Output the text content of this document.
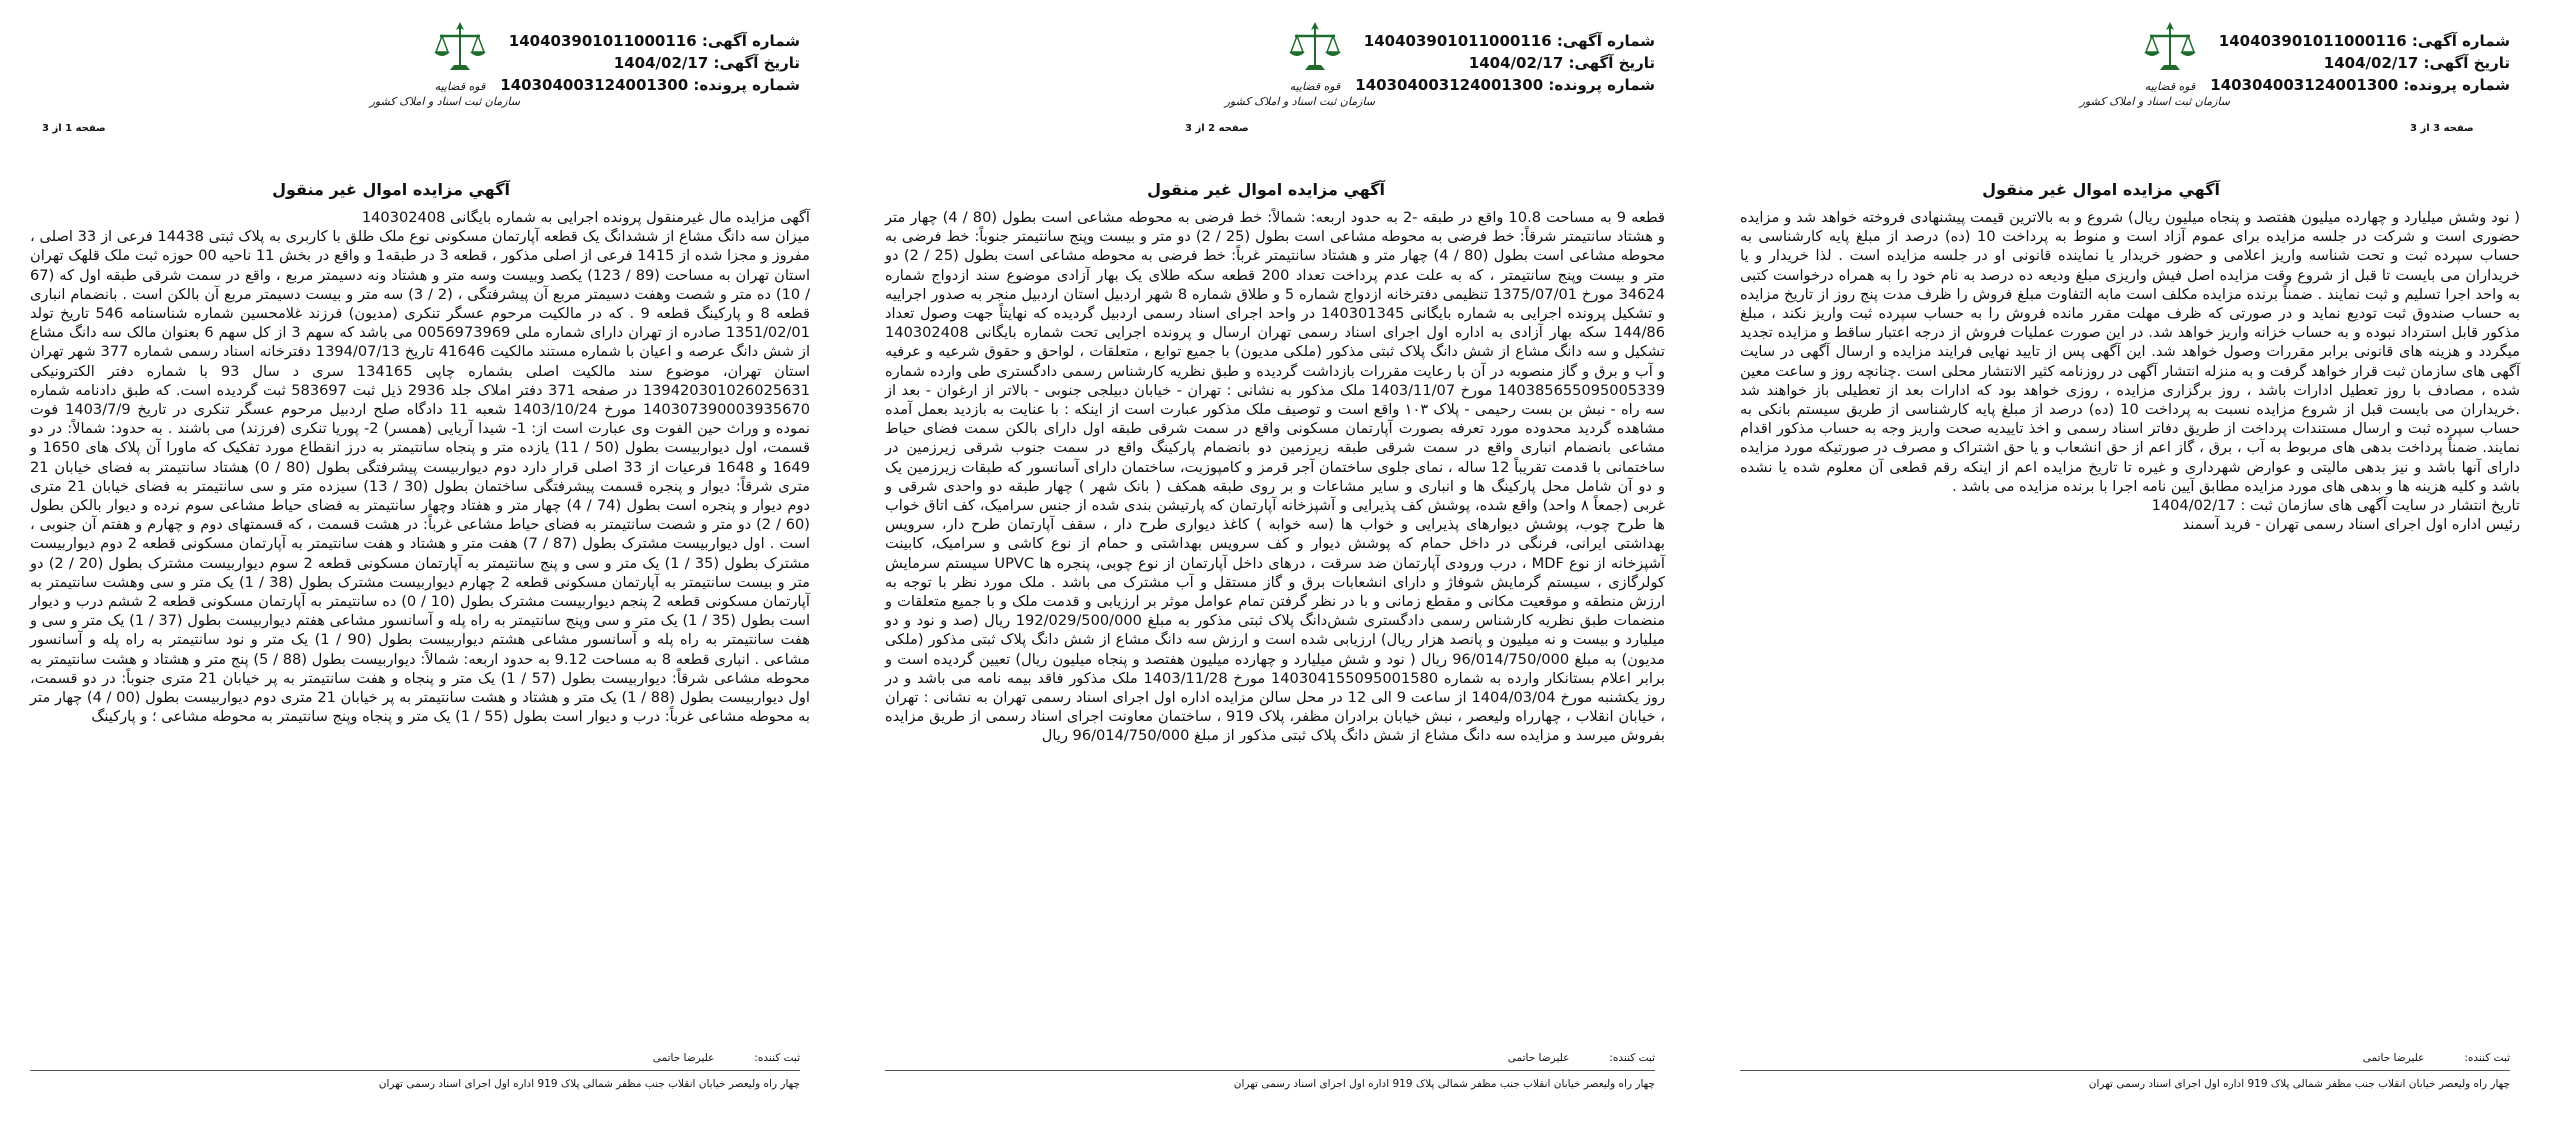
شماره آگهی: 140403901011000116
تاریخ آگهی: 1404/02/17
شماره پرونده: 140304003124001300
قوه قضاییه
سازمان ثبت اسناد و املاک کشور
صفحه 3 از 3
آگهي مزايده اموال غير منقول
( نود وشش ميليارد و چهارده ميليون هفتصد و پنجاه ميليون ريال) شروع و به بالاترين قيمت پيشنهادی فروخته خواهد شد و مزايده حضوری است و شرکت در جلسه مزايده برای عموم آزاد است و منوط به پرداخت 10 (ده) درصد از مبلغ پايه کارشناسی به حساب سپرده ثبت و تحت شناسه واريز اعلامی و حضور خريدار يا نماينده قانونی او در جلسه مزايده است . لذا خريدار و يا خريداران می بايست تا قبل از شروع وقت مزايده اصل فيش واريزی مبلغ وديعه ده درصد به نام خود را به همراه درخواست کتبی به واحد اجرا تسليم و ثبت نمايند . ضمناً برنده مزايده مکلف است مابه التفاوت مبلغ فروش را ظرف مدت پنج روز از تاريخ مزايده به حساب صندوق ثبت توديع نمايد و در صورتی که ظرف مهلت مقرر مانده فروش را به حساب سپرده ثبت واريز نکند ، مبلغ مذکور قابل استرداد نبوده و به حساب خزانه واريز خواهد شد. در اين صورت عمليات فروش از درجه اعتبار ساقط و مزايده تجديد ميگردد و هزينه های قانونی برابر مقررات وصول خواهد شد. اين آگهی پس از تاييد نهايی فرايند مزايده و ارسال آگهی در سايت آگهی های سازمان ثبت قرار خواهد گرفت و به منزله انتشار آگهی در روزنامه کثير الانتشار محلی است .چنانچه روز و ساعت معين شده ، مصادف با روز تعطيل ادارات باشد ، روز برگزاری مزايده ، روزی خواهد بود که ادارات بعد از تعطيلی باز خواهند شد .خريداران می بايست قبل از شروع مزايده نسبت به پرداخت 10 (ده) درصد از مبلغ پايه کارشناسی از طريق سيستم بانکی به حساب سپرده ثبت و ارسال مستندات پرداخت از طريق دفاتر اسناد رسمی و اخذ تاييديه صحت واريز وجه به حساب مذکور اقدام نمايند. ضمناً پرداخت بدهی های مربوط به آب ، برق ، گاز اعم از حق انشعاب و يا حق اشتراک و مصرف در صورتيکه مورد مزايده دارای آنها باشد و نيز بدهی ماليتی و عوارض شهرداری و غيره تا تاريخ مزايده اعم از اينکه رقم قطعی آن معلوم شده يا نشده باشد و کليه هزينه ها و بدهی های مورد مزايده مطابق آيين نامه اجرا با برنده مزايده می باشد .
تاريخ انتشار در سايت آگهی های سازمان ثبت : 1404/02/17
رئيس اداره اول اجرای اسناد رسمی تهران - فريد آسمند
ثبت کننده:
عليرضا حاتمی
چهار راه وليعصر خيابان انقلاب جنب مظفر شمالی پلاک 919 اداره اول اجرای اسناد رسمی تهران
شماره آگهی: 140403901011000116
تاريخ آگهی: 1404/02/17
شماره پرونده: 140304003124001300
قوه قضاییه
سازمان ثبت اسناد و املاک کشور
صفحه 2 از 3
آگهي مزايده اموال غير منقول
قطعه 9 به مساحت 10.8 واقع در طبقه -2 به حدود اربعه: شمالاً: خط فرضی به محوطه مشاعی است بطول (80 / 4) چهار متر و هشتاد سانتيمتر شرقاً: خط فرضی به محوطه مشاعی است بطول (25 / 2) دو متر و بيست وپنج سانتيمتر جنوباً: خط فرضی به محوطه مشاعی است بطول (80 / 4) چهار متر و هشتاد سانتيمتر غرباً: خط فرضی به محوطه مشاعی است بطول (25 / 2) دو متر و بيست وپنج سانتيمتر ، که به علت عدم پرداخت تعداد 200 قطعه سکه طلای يک بهار آزادی موضوع سند ازدواج شماره 34624 مورخ 1375/07/01 تنظيمی دفترخانه ازدواج شماره 5 و طلاق شماره 8 شهر اردبيل استان اردبيل منجر به صدور اجراييه و تشکيل پرونده اجرايی به شماره بايگانی 140301345 در واحد اجرای اسناد رسمی اردبيل گرديده که نهايتاً جهت وصول تعداد 144/86 سکه بهار آزادی به اداره اول اجرای اسناد رسمی تهران ارسال و پرونده اجرايی تحت شماره بايگانی 140302408 تشکيل و سه دانگ مشاع از شش دانگ پلاک ثبتی مذکور (ملکی مديون) با جميع توابع ، متعلقات ، لواحق و حقوق شرعيه و عرفيه و آب و برق و گاز منصوبه در آن با رعايت مقررات بازداشت گرديده و طبق نظريه کارشناس رسمی دادگستری طی وارده شماره 140385655095005339 مورخ 1403/11/07 ملک مذکور به نشانی : تهران - خيابان دبيلجی جنوبی - بالاتر از ارغوان - بعد از سه راه - نبش بن بست رحيمی - پلاک ١٠٣ واقع است و توصيف ملک مذکور عبارت است از اينکه : با عنايت به بازديد بعمل آمده مشاهده گرديد محدوده مورد تعرفه بصورت آپارتمان مسکونی واقع در سمت شرقی طبقه اول دارای بالکن سمت فضای حياط مشاعی بانضمام انباری واقع در سمت شرقی طبقه زيرزمين دو بانضمام پارکينگ واقع در سمت جنوب شرقی زيرزمين در ساختمانی با قدمت تقريباً 12 ساله ، نمای جلوی ساختمان آجر قرمز و کامپوزيت، ساختمان دارای آسانسور که طبقات زيرزمين يک و دو آن شامل محل پارکينگ ها و انباری و ساير مشاعات و بر روی طبقه همکف ( بانک شهر ) چهار طبقه دو واحدی شرقی و غربی (جمعاً ٨ واحد) واقع شده، پوشش کف پذيرايی و آشپزخانه آپارتمان که پارتيشن بندی شده از جنس سراميک، کف اتاق خواب ها طرح چوب، پوشش ديوارهای پذيرايی و خواب ها (سه خوابه ) کاغذ ديواری طرح دار ، سقف آپارتمان طرح دار، سرويس بهداشتی ايرانی، فرنگی در داخل حمام که پوشش ديوار و کف سرويس بهداشتی و حمام از نوع کاشی و سراميک، کابينت آشپزخانه از نوع MDF ، درب ورودی آپارتمان ضد سرقت ، درهای داخل آپارتمان از نوع چوبی، پنجره ها UPVC سيستم سرمايش کولرگازی ، سيستم گرمايش شوفاژ و دارای انشعابات برق و گاز مستقل و آب مشترک می باشد . ملک مورد نظر با توجه به ارزش منطقه و موقعيت مکانی و مقطع زمانی و با در نظر گرفتن تمام عوامل موثر بر ارزيابی و قدمت ملک و با جميع متعلقات و منضمات طبق نظريه کارشناس رسمی دادگستری شش‌دانگ پلاک ثبتی مذکور به مبلغ 192/029/500/000 ريال (صد و نود و دو ميليارد و بيست و نه ميليون و پانصد هزار ريال) ارزيابی شده است و ارزش سه دانگ مشاع از شش دانگ پلاک ثبتی مذکور (ملکی مديون) به مبلغ 96/014/750/000 ريال ( نود و شش ميليارد و چهارده ميليون هفتصد و پنجاه ميليون ريال) تعيين گرديده است و برابر اعلام بستانکار وارده به شماره 140304155095001580 مورخ 1403/11/28 ملک مذکور فاقد بيمه نامه می باشد و در روز يکشنبه مورخ 1404/03/04 از ساعت 9 الی 12 در محل سالن مزايده اداره اول اجرای اسناد رسمی تهران به نشانی : تهران ، خيابان انقلاب ، چهارراه وليعصر ، نبش خيابان برادران مظفر، پلاک 919 ، ساختمان معاونت اجرای اسناد رسمی از طريق مزايده بفروش ميرسد و مزايده سه دانگ مشاع از شش دانگ پلاک ثبتی مذکور از مبلغ 96/014/750/000 ريال
ثبت کننده:
عليرضا حاتمی
چهار راه وليعصر خيابان انقلاب جنب مظفر شمالی پلاک 919 اداره اول اجرای اسناد رسمی تهران
شماره آگهی: 140403901011000116
تاريخ آگهی: 1404/02/17
شماره پرونده: 140304003124001300
قوه قضاییه
سازمان ثبت اسناد و املاک کشور
صفحه 1 از 3
آگهي مزايده اموال غير منقول
آگهی مزايده مال غيرمنقول پرونده اجرايی به شماره بايگانی 140302408
ميزان سه دانگ مشاع از ششدانگ يک قطعه آپارتمان مسکونی نوع ملک طلق با کاربری به پلاک ثبتی 14438 فرعی از 33 اصلی ، مفروز و مجزا شده از 1415 فرعی از اصلی مذکور ، قطعه 3 در طبقه1 و واقع در بخش 11 ناحيه 00 حوزه ثبت ملک قلهک تهران استان تهران به مساحت (89 / 123) يکصد وبيست وسه متر و هشتاد ونه دسيمتر مربع ، واقع در سمت شرقی طبقه اول که (67 / 10) ده متر و شصت وهفت دسيمتر مربع آن پيشرفتگی ، (2 / 3) سه متر و بيست دسيمتر مربع آن بالکن است . بانضمام انباری قطعه 8 و پارکينگ قطعه 9 . که در مالکيت مرحوم عسگر تنکری (مديون) فرزند غلامحسين شماره شناسنامه 546 تاريخ تولد 1351/02/01 صادره از تهران دارای شماره ملی 0056973969 می باشد که سهم 3 از کل سهم 6 بعنوان مالک سه دانگ مشاع از شش دانگ عرصه و اعيان با شماره مستند مالکيت 41646 تاريخ 1394/07/13 دفترخانه اسناد رسمی شماره 377 شهر تهران استان تهران، موضوع سند مالکيت اصلی بشماره چاپی 134165 سری د سال 93 با شماره دفتر الکترونيکی 139420301026025631 در صفحه 371 دفتر املاک جلد 2936 ذيل ثبت 583697 ثبت گرديده است. که طبق دادنامه شماره 140307390003935670 مورخ 1403/10/24 شعبه 11 دادگاه صلح اردبيل مرحوم عسگر تنکری در تاريخ 1403/7/9 فوت نموده و وراث حين الفوت وی عبارت است از: 1- شيدا آريايی (همسر) 2- پوريا تنکری (فرزند) می باشند . به حدود: شمالاً: در دو قسمت، اول ديواربيست بطول (50 / 11) يازده متر و پنجاه سانتيمتر به درز انقطاع مورد تفکيک که ماورا آن پلاک های 1650 و 1649 و 1648 فرعيات از 33 اصلی قرار دارد دوم ديواربيست پيشرفتگی بطول (80 / 0) هشتاد سانتيمتر به فضای خيابان 21 متری شرقاً: ديوار و پنجره قسمت پيشرفتگی ساختمان بطول (30 / 13) سيزده متر و سی سانتيمتر به فضای خيابان 21 متری دوم ديوار و پنجره است بطول (74 / 4) چهار متر و هفتاد وچهار سانتيمتر به فضای حياط مشاعی سوم نرده و ديوار بالکن بطول (60 / 2) دو متر و شصت سانتيمتر به فضای حياط مشاعی غرباً: در هشت قسمت ، که قسمتهای دوم و چهارم و هفتم آن جنوبی ، است . اول ديواربيست مشترک بطول (87 / 7) هفت متر و هشتاد و هفت سانتيمتر به آپارتمان مسکونی قطعه 2 دوم ديواربيست مشترک بطول (35 / 1) يک متر و سی و پنج سانتيمتر به آپارتمان مسکونی قطعه 2 سوم ديواربيست مشترک بطول (20 / 2) دو متر و بيست سانتيمتر به آپارتمان مسکونی قطعه 2 چهارم ديواربيست مشترک بطول (38 / 1) يک متر و سی وهشت سانتيمتر به آپارتمان مسکونی قطعه 2 پنجم ديواربيست مشترک بطول (10 / 0) ده سانتيمتر به آپارتمان مسکونی قطعه 2 ششم درب و ديوار است بطول (35 / 1) يک متر و سی وپنج سانتيمتر به راه پله و آسانسور مشاعی هفتم ديواربيست بطول (37 / 1) يک متر و سی و هفت سانتيمتر به راه پله و آسانسور مشاعی هشتم ديواربيست بطول (90 / 1) يک متر و نود سانتيمتر به راه پله و آسانسور مشاعی . انباری قطعه 8 به مساحت 9.12 به حدود اربعه: شمالاً: ديواربيست بطول (88 / 5) پنج متر و هشتاد و هشت سانتيمتر به محوطه مشاعی شرقاً: ديواربيست بطول (57 / 1) يک متر و پنجاه و هفت سانتيمتر به پر خيابان 21 متری جنوباً: در دو قسمت، اول ديواربيست بطول (88 / 1) يک متر و هشتاد و هشت سانتيمتر به پر خيابان 21 متری دوم ديواربيست بطول (00 / 4) چهار متر به محوطه مشاعی غرباً: درب و ديوار است بطول (55 / 1) يک متر و پنجاه وپنج سانتيمتر به محوطه مشاعی ؛ و پارکينگ
ثبت کننده:
عليرضا حاتمی
چهار راه وليعصر خيابان انقلاب جنب مظفر شمالی پلاک 919 اداره اول اجرای اسناد رسمی تهران
